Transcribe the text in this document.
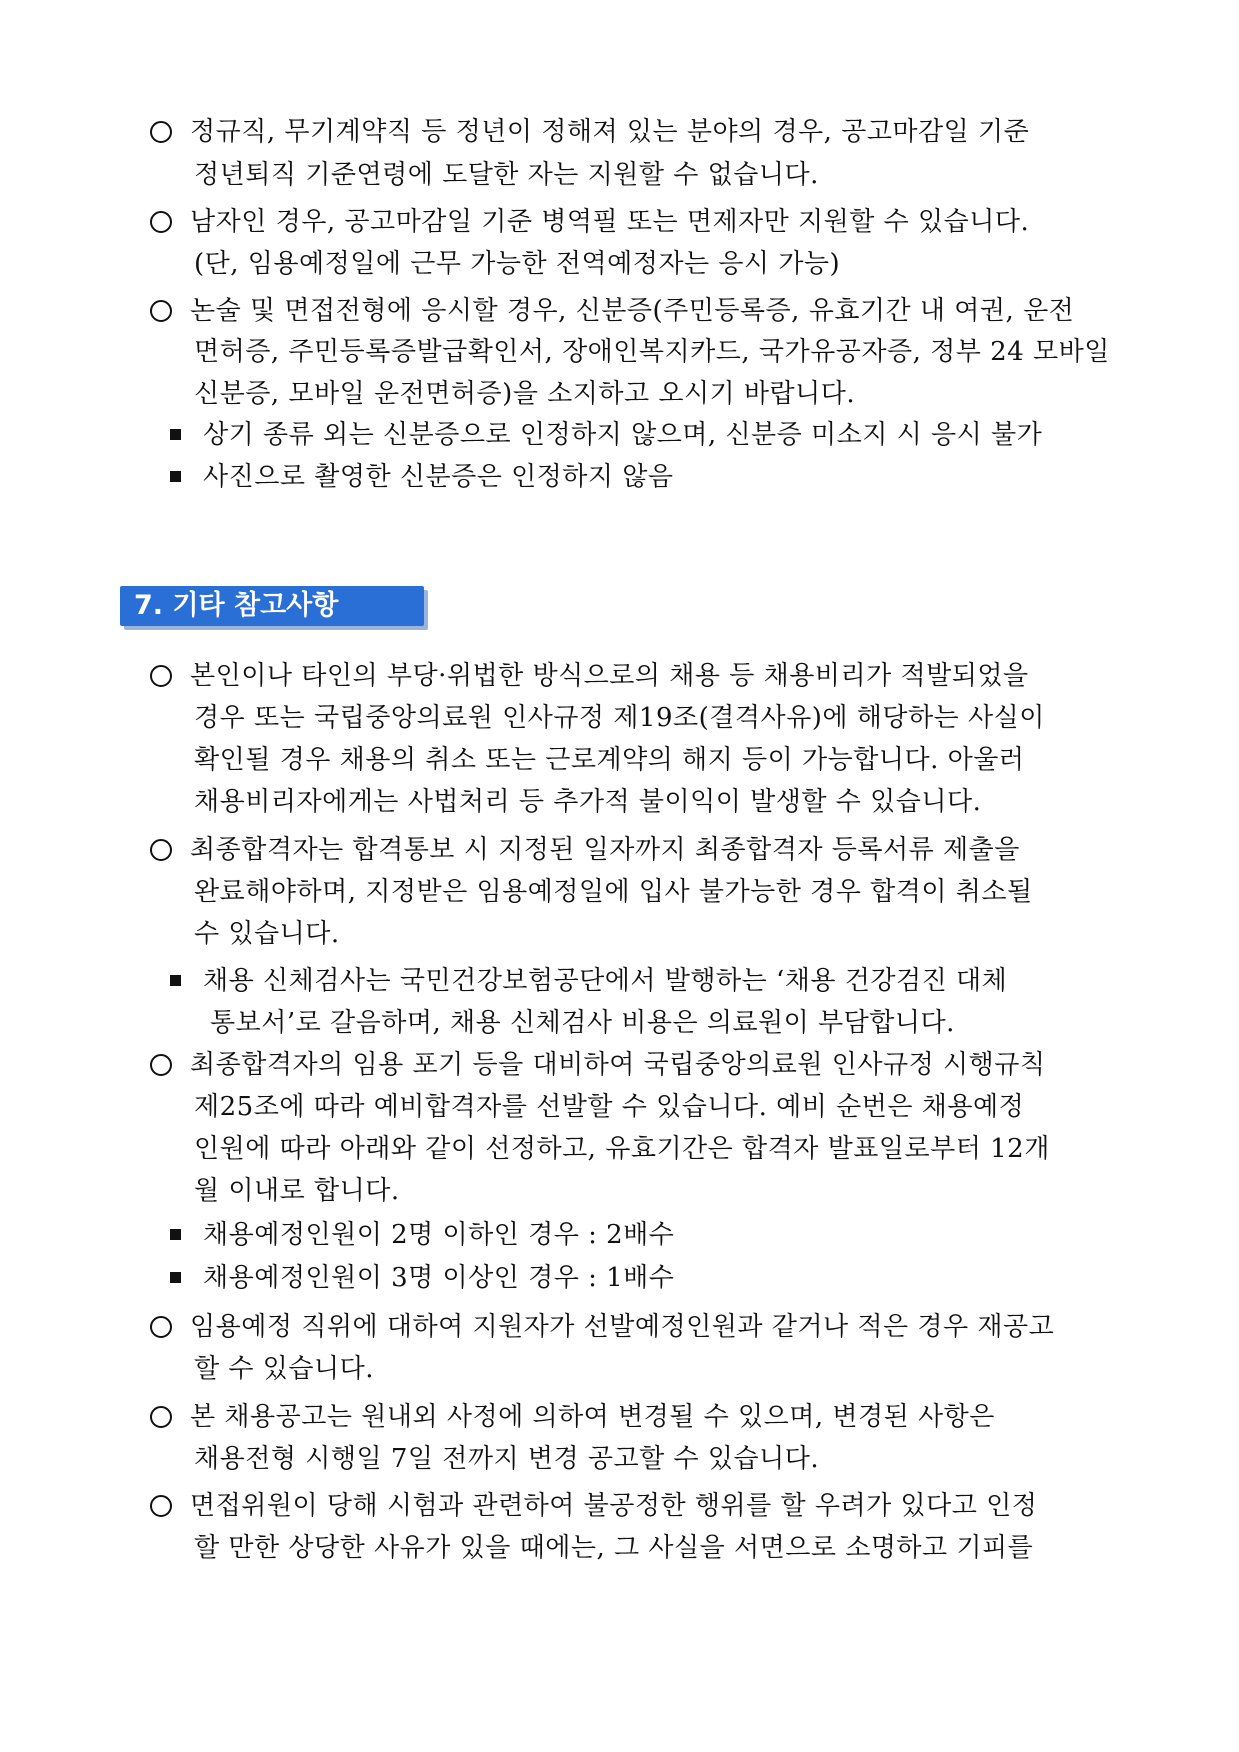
정규직, 무기계약직 등 정년이 정해져 있는 분야의 경우, 공고마감일 기준
정년퇴직 기준연령에 도달한 자는 지원할 수 없습니다.
남자인 경우, 공고마감일 기준 병역필 또는 면제자만 지원할 수 있습니다.
(단, 임용예정일에 근무 가능한 전역예정자는 응시 가능)
논술 및 면접전형에 응시할 경우, 신분증(주민등록증, 유효기간 내 여권, 운전
면허증, 주민등록증발급확인서, 장애인복지카드, 국가유공자증, 정부 24 모바일
신분증, 모바일 운전면허증)을 소지하고 오시기 바랍니다.
상기 종류 외는 신분증으로 인정하지 않으며, 신분증 미소지 시 응시 불가
사진으로 촬영한 신분증은 인정하지 않음
7. 기타 참고사항
본인이나 타인의 부당·위법한 방식으로의 채용 등 채용비리가 적발되었을
경우 또는 국립중앙의료원 인사규정 제19조(결격사유)에 해당하는 사실이
확인될 경우 채용의 취소 또는 근로계약의 해지 등이 가능합니다. 아울러
채용비리자에게는 사법처리 등 추가적 불이익이 발생할 수 있습니다.
최종합격자는 합격통보 시 지정된 일자까지 최종합격자 등록서류 제출을
완료해야하며, 지정받은 임용예정일에 입사 불가능한 경우 합격이 취소될
수 있습니다.
채용 신체검사는 국민건강보험공단에서 발행하는 ‘채용 건강검진 대체
통보서’로 갈음하며, 채용 신체검사 비용은 의료원이 부담합니다.
최종합격자의 임용 포기 등을 대비하여 국립중앙의료원 인사규정 시행규칙
제25조에 따라 예비합격자를 선발할 수 있습니다. 예비 순번은 채용예정
인원에 따라 아래와 같이 선정하고, 유효기간은 합격자 발표일로부터 12개
월 이내로 합니다.
채용예정인원이 2명 이하인 경우 : 2배수
채용예정인원이 3명 이상인 경우 : 1배수
임용예정 직위에 대하여 지원자가 선발예정인원과 같거나 적은 경우 재공고
할 수 있습니다.
본 채용공고는 원내외 사정에 의하여 변경될 수 있으며, 변경된 사항은
채용전형 시행일 7일 전까지 변경 공고할 수 있습니다.
면접위원이 당해 시험과 관련하여 불공정한 행위를 할 우려가 있다고 인정
할 만한 상당한 사유가 있을 때에는, 그 사실을 서면으로 소명하고 기피를
